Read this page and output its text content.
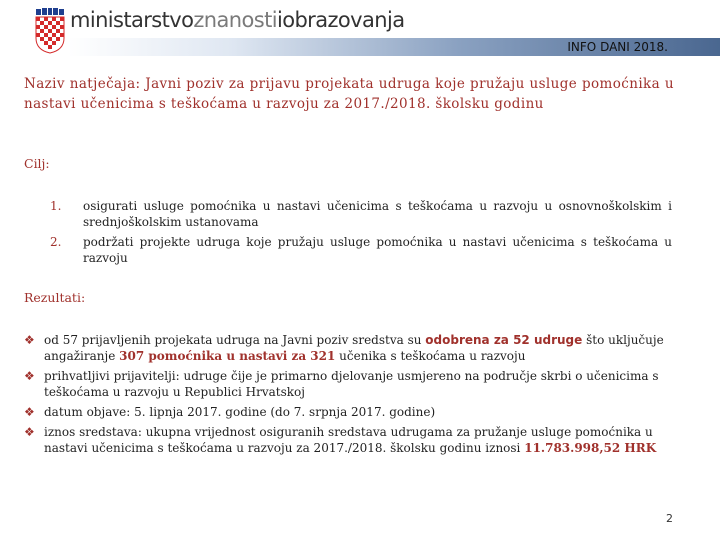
ministarstvoznanostiiobrazovanja
INFO DANI 2018.
Naziv natječaja: Javni poziv za prijavu projekata udruga koje pružaju usluge pomoćnika u nastavi učenicima s teškoćama u razvoju za 2017./2018. školsku godinu
Cilj:
1. osigurati usluge pomoćnika u nastavi učenicima s teškoćama u razvoju u osnovnoškolskim i srednjoškolskim ustanovama
2. podržati projekte udruga koje pružaju usluge pomoćnika u nastavi učenicima s teškoćama u razvoju
Rezultati:
❖ od 57 prijavljenih projekata udruga na Javni poziv sredstva su odobrena za 52 udruge što uključuje angažiranje 307 pomoćnika u nastavi za 321 učenika s teškoćama u razvoju
❖ prihvatljivi prijavitelji: udruge čije je primarno djelovanje usmjereno na područje skrbi o učenicima s teškoćama u razvoju u Republici Hrvatskoj
❖ datum objave: 5. lipnja 2017. godine (do 7. srpnja 2017. godine)
❖ iznos sredstava: ukupna vrijednost osiguranih sredstava udrugama za pružanje usluge pomoćnika u nastavi učenicima s teškoćama u razvoju za 2017./2018. školsku godinu iznosi 11.783.998,52 HRK
2
